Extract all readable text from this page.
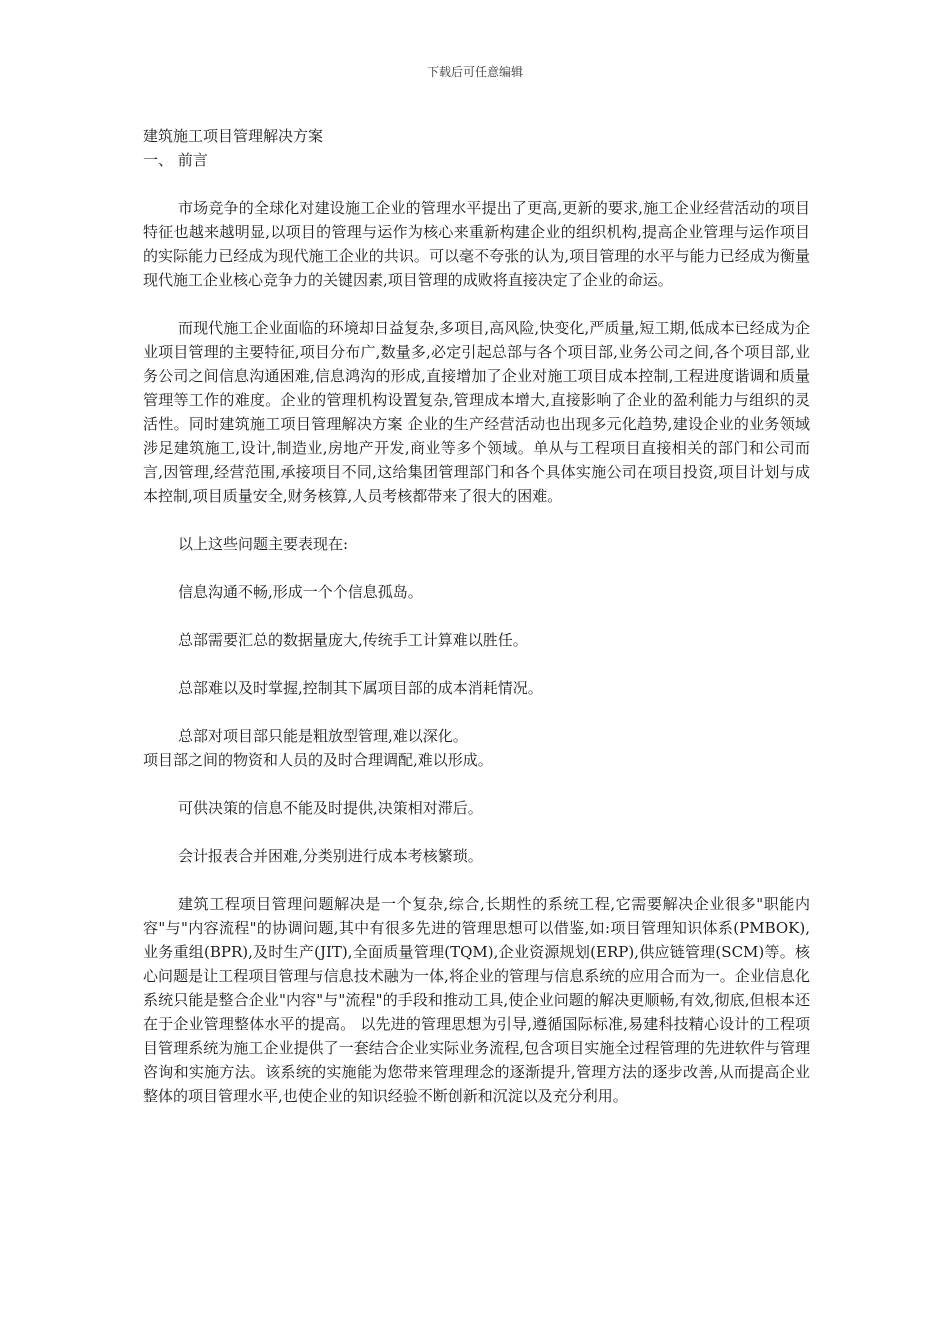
下载后可任意编辑
建筑施工项目管理解决方案
一、 前言

市场竞争的全球化对建设施工企业的管理水平提出了更高,更新的要求,施工企业经营活动的项目特征也越来越明显,以项目的管理与运作为核心来重新构建企业的组织机构,提高企业管理与运作项目的实际能力已经成为现代施工企业的共识。可以毫不夸张的认为,项目管理的水平与能力已经成为衡量现代施工企业核心竞争力的关键因素,项目管理的成败将直接决定了企业的命运。

而现代施工企业面临的环境却日益复杂,多项目,高风险,快变化,严质量,短工期,低成本已经成为企业项目管理的主要特征,项目分布广,数量多,必定引起总部与各个项目部,业务公司之间,各个项目部,业务公司之间信息沟通困难,信息鸿沟的形成,直接增加了企业对施工项目成本控制,工程进度谐调和质量管理等工作的难度。企业的管理机构设置复杂,管理成本增大,直接影响了企业的盈利能力与组织的灵活性。同时建筑施工项目管理解决方案 企业的生产经营活动也出现多元化趋势,建设企业的业务领域涉足建筑施工,设计,制造业,房地产开发,商业等多个领域。单从与工程项目直接相关的部门和公司而言,因管理,经营范围,承接项目不同,这给集团管理部门和各个具体实施公司在项目投资,项目计划与成本控制,项目质量安全,财务核算,人员考核都带来了很大的困难。

以上这些问题主要表现在:

信息沟通不畅,形成一个个信息孤岛。

总部需要汇总的数据量庞大,传统手工计算难以胜任。

总部难以及时掌握,控制其下属项目部的成本消耗情况。

总部对项目部只能是粗放型管理,难以深化。

项目部之间的物资和人员的及时合理调配,难以形成。

可供决策的信息不能及时提供,决策相对滞后。

会计报表合并困难,分类别进行成本考核繁琐。

建筑工程项目管理问题解决是一个复杂,综合,长期性的系统工程,它需要解决企业很多"职能内容"与"内容流程"的协调问题,其中有很多先进的管理思想可以借鉴,如:项目管理知识体系(PMBOK),业务重组(BPR),及时生产(JIT),全面质量管理(TQM),企业资源规划(ERP),供应链管理(SCM)等。核心问题是让工程项目管理与信息技术融为一体,将企业的管理与信息系统的应用合而为一。企业信息化系统只能是整合企业"内容"与"流程"的手段和推动工具,使企业问题的解决更顺畅,有效,彻底,但根本还在于企业管理整体水平的提高。 以先进的管理思想为引导,遵循国际标准,易建科技精心设计的工程项目管理系统为施工企业提供了一套结合企业实际业务流程,包含项目实施全过程管理的先进软件与管理咨询和实施方法。该系统的实施能为您带来管理理念的逐渐提升,管理方法的逐步改善,从而提高企业整体的项目管理水平,也使企业的知识经验不断创新和沉淀以及充分利用。
